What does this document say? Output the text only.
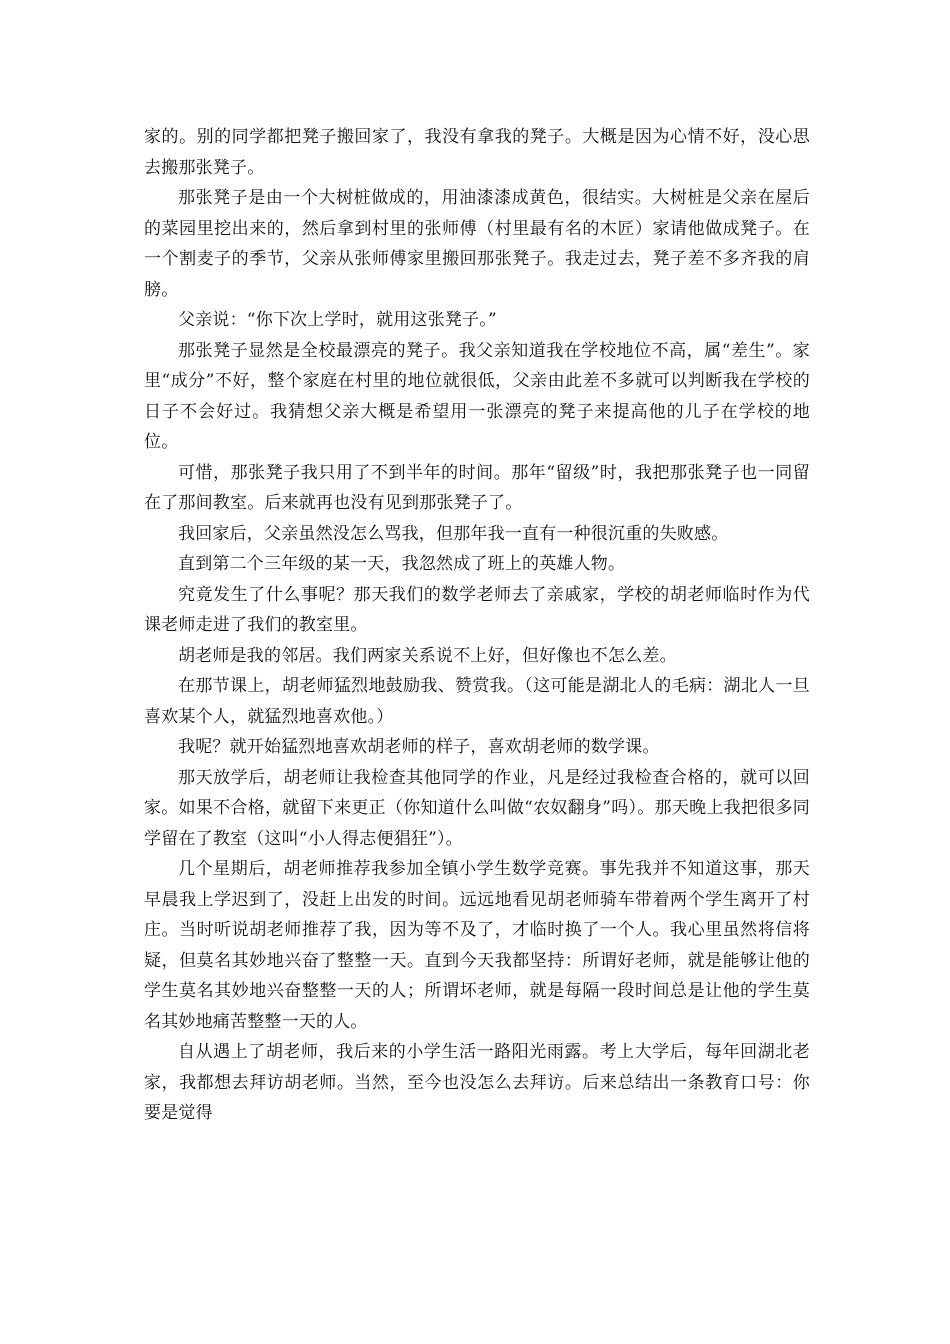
家的。别的同学都把凳子搬回家了，我没有拿我的凳子。大概是因为心情不好，没心思去搬那张凳子。

那张凳子是由一个大树桩做成的，用油漆漆成黄色，很结实。大树桩是父亲在屋后的菜园里挖出来的，然后拿到村里的张师傅（村里最有名的木匠）家请他做成凳子。在一个割麦子的季节，父亲从张师傅家里搬回那张凳子。我走过去，凳子差不多齐我的肩膀。

父亲说：“你下次上学时，就用这张凳子。”

那张凳子显然是全校最漂亮的凳子。我父亲知道我在学校地位不高，属“差生”。家里“成分”不好，整个家庭在村里的地位就很低，父亲由此差不多就可以判断我在学校的日子不会好过。我猜想父亲大概是希望用一张漂亮的凳子来提高他的儿子在学校的地位。

可惜，那张凳子我只用了不到半年的时间。那年“留级”时，我把那张凳子也一同留在了那间教室。后来就再也没有见到那张凳子了。

我回家后，父亲虽然没怎么骂我，但那年我一直有一种很沉重的失败感。

直到第二个三年级的某一天，我忽然成了班上的英雄人物。

究竟发生了什么事呢？那天我们的数学老师去了亲戚家，学校的胡老师临时作为代课老师走进了我们的教室里。

胡老师是我的邻居。我们两家关系说不上好，但好像也不怎么差。

在那节课上，胡老师猛烈地鼓励我、赞赏我。（这可能是湖北人的毛病：湖北人一旦喜欢某个人，就猛烈地喜欢他。）

我呢？就开始猛烈地喜欢胡老师的样子，喜欢胡老师的数学课。

那天放学后，胡老师让我检查其他同学的作业，凡是经过我检查合格的，就可以回家。如果不合格，就留下来更正（你知道什么叫做“农奴翻身”吗）。那天晚上我把很多同学留在了教室（这叫“小人得志便猖狂”）。

几个星期后，胡老师推荐我参加全镇小学生数学竞赛。事先我并不知道这事，那天早晨我上学迟到了，没赶上出发的时间。远远地看见胡老师骑车带着两个学生离开了村庄。当时听说胡老师推荐了我，因为等不及了，才临时换了一个人。我心里虽然将信将疑，但莫名其妙地兴奋了整整一天。直到今天我都坚持：所谓好老师，就是能够让他的学生莫名其妙地兴奋整整一天的人；所谓坏老师，就是每隔一段时间总是让他的学生莫名其妙地痛苦整整一天的人。

自从遇上了胡老师，我后来的小学生活一路阳光雨露。考上大学后，每年回湖北老家，我都想去拜访胡老师。当然，至今也没怎么去拜访。后来总结出一条教育口号：你要是觉得
